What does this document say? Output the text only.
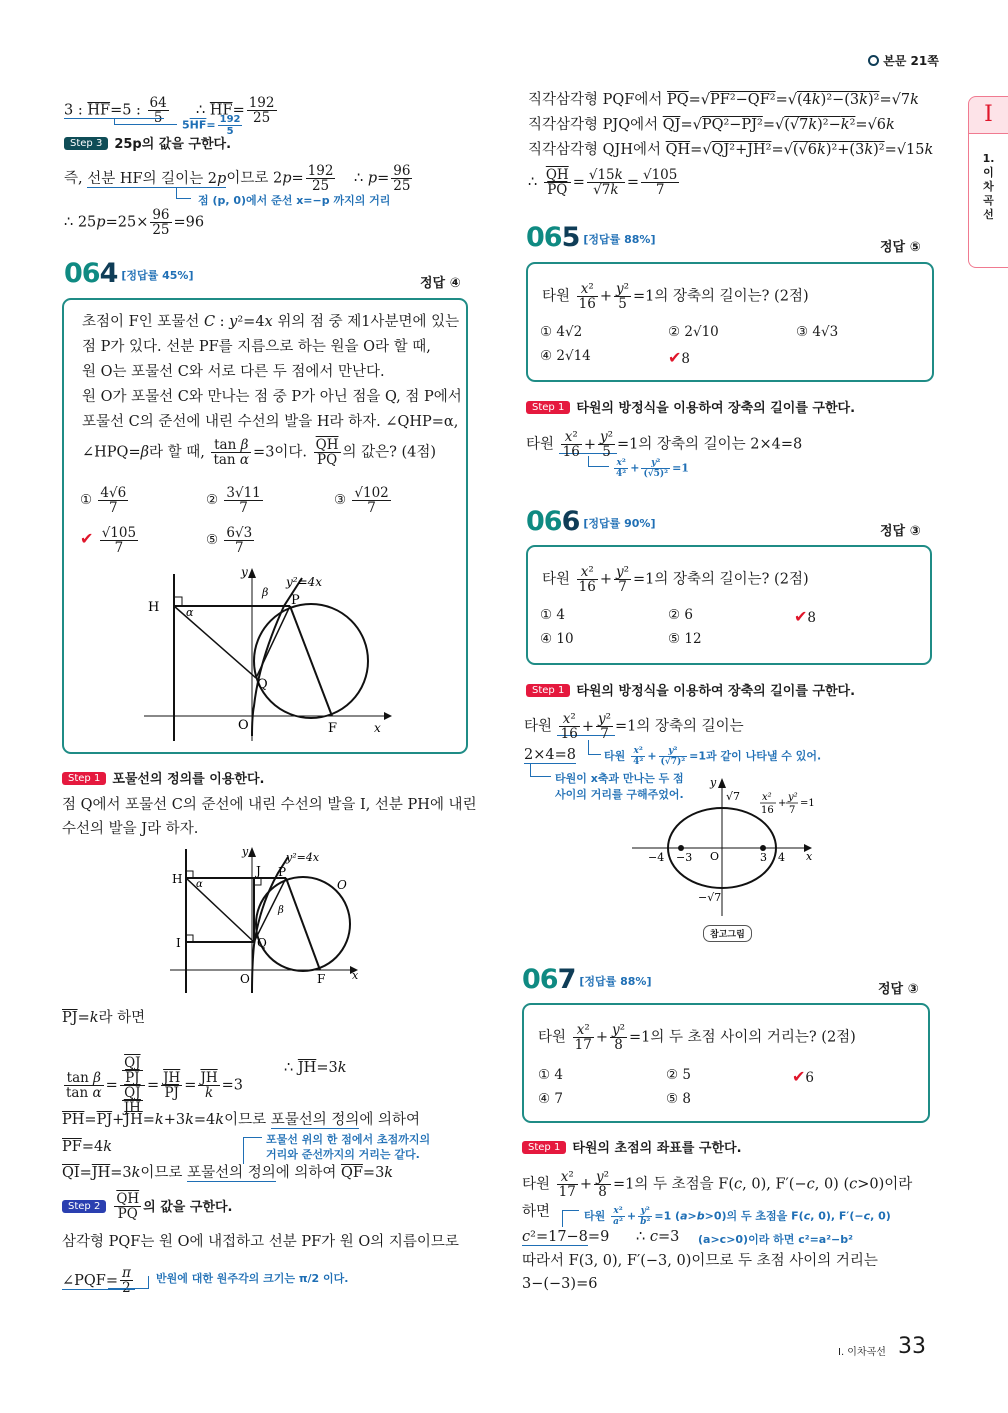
본문 21쪽
I
1.
이
차
곡
선
3 : $\overline{HF}=5$ : $\frac{64}{5}$ ∴ $\overline{HF}= \frac{192}{25}$
$5\overline{HF}= \frac{192}{5}$
Step 3 25p의 값을 구한다.
즉, 선분 HF의 길이는 2p이므로 $2p= \frac{192}{25}$ ∴ $p= \frac{96}{25}$
점 (p, 0)에서 준선 x=−p 까지의 거리
∴ $25p=25\times \frac{96}{25} =96$
064 [정답률 45%]
정답 ④
초점이 F인 포물선 C : y²=4x 위의 점 중 제1사분면에 있는
점 P가 있다. 선분 PF를 지름으로 하는 원을 O라 할 때,
원 O는 포물선 C와 서로 다른 두 점에서 만난다.
원 O가 포물선 C와 만나는 점 중 P가 아닌 점을 Q, 점 P에서
포물선 C의 준선에 내린 수선의 발을 H라 하자. ∠QHP=α,
∠HPQ=β라 할 때, $\frac{\text{tan β}}{\text{tan α}} =3$이다. $\frac{\overline{QH}}{PQ}$ 의 값은? (4점)
① $\frac{4√6}{7}$	② $\frac{3√11}{7}$	③ $\frac{√102}{7}$
✔ $\frac{√105}{7}$	⑤ $\frac{6√3}{7}$
H	P
Q
O	F	x
y
y²=4x
α
β
Step 1 포물선의 정의를 이용한다.
점 Q에서 포물선 C의 준선에 내린 수선의 발을 I, 선분 PH에 내린
수선의 발을 J라 하자.
H
I
J P
Q
O	F
O
x
y	y²=4x
α
β
$\overline{PJ}=k$라 하면
$\frac{\text{tan β}}{\text{tan α}} = \frac{\frac{\overline{QJ}}{PJ}}{\frac{\overline{QJ}}{JH}} = \frac{\overline{JH}}{PJ} = \frac{\overline{JH}}{k} =3$
∴ $\overline{JH}=3k$
$\overline{PH}=\overline{PJ}+\overline{JH}=k+3k=4k$이므로 포물선의 정의에 의하여
$\overline{PF}=4k$	포물선 위의 한 점에서 초점까지의
거리와 준선까지의 거리는 같다.
$\overline{QI}=\overline{JH}=3k$이므로 포물선의 정의에 의하여 $\overline{QF}=3k$
Step $2 \frac{\overline{QH}}{PQ}$ 의 값을 구한다.
삼각형 PQF는 원 O에 내접하고 선분 PF가 원 O의 지름이므로
∠PQF= $\frac{\pi}{2}$ 반원에 대한 원주각의 크기는 π/2 이다.
직각삼각형 PQF에서 $\overline{PQ}=√PF^2-QF^2=√(4k)^2-(3k)^2=√7k$
직각삼각형 PJQ에서 $\overline{QJ}=√PQ^2-PJ^2=√(√7k)^2-k^2=√6k$
직각삼각형 QJH에서 $\overline{QH}=√QJ^2+JH^2=√(√6k)^2+(3k)^2=√15k$
∴ $\frac{\overline{QH}}{PQ} = \frac{√15k}{√7k} = \frac{√105}{7}$
065 [정답률 88%]
정답 ⑤
타원 $\frac{\text{x²}}{16} + \frac{\text{y²}}{5} =1$의 장축의 길이는? (2점)
① 4√2	② 2√10	③ 4√3
④ 2√14	✔8
Step 1 타원의 방정식을 이용하여 장축의 길이를 구한다.
타원 $\frac{\text{x²}}{16} + \frac{\text{y²}}{5} =1$의 장축의 길이는 2×4=8
$\frac{\text{x²}}{\text{4²}} + \frac{\text{y²}}{\text{(√5)²}} =1$
066 [정답률 90%]
정답 ③
타원 $\frac{\text{x²}}{16} + \frac{\text{y²}}{7} =1$의 장축의 길이는? (2점)
① 4	② 6	✔8
④ 10	⑤ 12
Step 1 타원의 방정식을 이용하여 장축의 길이를 구한다.
타원 $\frac{\text{x²}}{16} + \frac{\text{y²}}{7} =1$의 장축의 길이는
2×4=8	타원 $\frac{\text{x²}}{\text{4²}} + \frac{\text{y²}}{\text{(√7)²}} =1$과 같이 나타낼 수 있어.
타원이 x축과 만나는 두 점
사이의 거리를 구해주었어.
y
√7
−√7
−4 −3 O	3 4 x
x²
16
+
y²
7
=1
참고그림
067 [정답률 88%]
정답 ③
타원 $\frac{\text{x²}}{17} + \frac{\text{y²}}{8} =1$의 두 초점 사이의 거리는? (2점)
① 4	② 5	✔6
④ 7	⑤ 8
Step 1 타원의 초점의 좌표를 구한다.
타원 $\frac{\text{x²}}{17} + \frac{\text{y²}}{8} =1$의 두 초점을 F(c, 0), F′(−c, 0) (c>0)이라
하면	타원 $\frac{\text{x²}}{\text{a²}} + \frac{\text{y²}}{\text{b²}} =1$ (a>b>0)의 두 초점을 F(c, 0), F′(−c, 0)
c²=17−8=9 ∴ c=3 (a>c>0)이라 하면 c²=a²−b²
따라서 F(3, 0), F′(−3, 0)이므로 두 초점 사이의 거리는
3−(−3)=6
Ⅰ. 이차곡선 33
